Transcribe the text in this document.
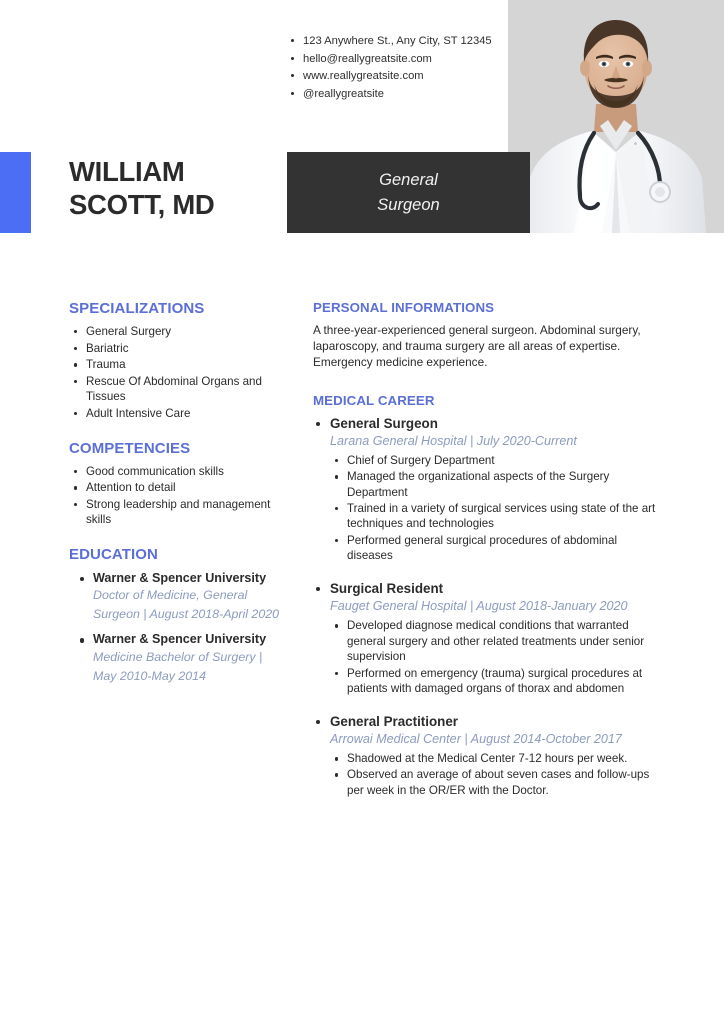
123 Anywhere St., Any City, ST 12345
hello@reallygreatsite.com
www.reallygreatsite.com
@reallygreatsite
WILLIAM
SCOTT, MD
General
Surgeon
SPECIALIZATIONS
General Surgery
Bariatric
Trauma
Rescue Of Abdominal Organs and Tissues
Adult Intensive Care
COMPETENCIES
Good communication skills
Attention to detail
Strong leadership and management skills
EDUCATION
Warner & Spencer University
Doctor of Medicine, General Surgeon | August 2018-April 2020
Warner & Spencer University
Medicine Bachelor of Surgery | May 2010-May 2014
PERSONAL INFORMATIONS

A three-year-experienced general surgeon. Abdominal surgery, laparoscopy, and trauma surgery are all areas of expertise. Emergency medicine experience.

MEDICAL CAREER
General Surgeon
Larana General Hospital | July 2020-Current
Chief of Surgery Department
Managed the organizational aspects of the Surgery Department
Trained in a variety of surgical services using state of the art techniques and technologies
Performed general surgical procedures of abdominal diseases
Surgical Resident
Fauget General Hospital | August 2018-January 2020
Developed diagnose medical conditions that warranted general surgery and other related treatments under senior supervision
Performed on emergency (trauma) surgical procedures at patients with damaged organs of thorax and abdomen
General Practitioner
Arrowai Medical Center | August 2014-October 2017
Shadowed at the Medical Center 7-12 hours per week.
Observed an average of about seven cases and follow-ups per week in the OR/ER with the Doctor.
